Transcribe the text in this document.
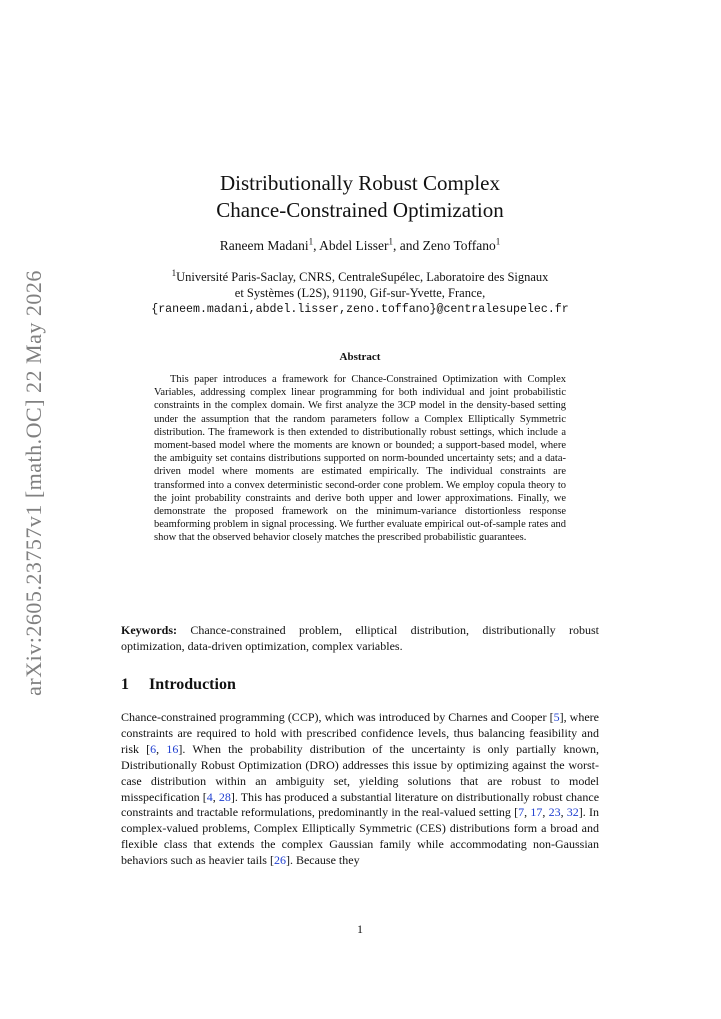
arXiv:2605.23757v1 [math.OC] 22 May 2026
Distributionally Robust Complex
Chance-Constrained Optimization
Raneem Madani$^1$, Abdel Lisser$^1$, and Zeno Toffano$^1$
$^1$Université Paris-Saclay, CNRS, CentraleSupélec, Laboratoire des Signaux
et Systèmes (L2S), 91190, Gif-sur-Yvette, France,
{raneem.madani,abdel.lisser,zeno.toffano}@centralesupelec.fr
Abstract

This paper introduces a framework for Chance-Constrained Optimization with Complex Variables, addressing complex linear programming for both individual and joint probabilistic constraints in the complex domain. We first analyze the 3CP model in the density-based setting under the assumption that the random parameters follow a Complex Elliptically Symmetric distribution. The framework is then extended to distributionally robust settings, which include a moment-based model where the moments are known or bounded; a support-based model, where the ambiguity set contains distributions supported on norm-bounded uncertainty sets; and a data-driven model where moments are estimated empirically. The individual constraints are transformed into a convex deterministic second-order cone problem. We employ copula theory to the joint probability constraints and derive both upper and lower approximations. Finally, we demonstrate the proposed framework on the minimum-variance distortionless response beamforming problem in signal processing. We further evaluate empirical out-of-sample rates and show that the observed behavior closely matches the prescribed probabilistic guarantees.

Keywords: Chance-constrained problem, elliptical distribution, distributionally robust optimization, data-driven optimization, complex variables.

1 Introduction

Chance-constrained programming (CCP), which was introduced by Charnes and Cooper [5], where constraints are required to hold with prescribed confidence levels, thus balancing feasibility and risk [6, 16]. When the probability distribution of the uncertainty is only partially known, Distributionally Robust Optimization (DRO) addresses this issue by optimizing against the worst-case distribution within an ambiguity set, yielding solutions that are robust to model misspecification [4, 28]. This has produced a substantial literature on distributionally robust chance constraints and tractable reformulations, predominantly in the real-valued setting [7, 17, 23, 32]. In complex-valued problems, Complex Elliptically Symmetric (CES) distributions form a broad and flexible class that extends the complex Gaussian family while accommodating non-Gaussian behaviors such as heavier tails [26]. Because they

1
